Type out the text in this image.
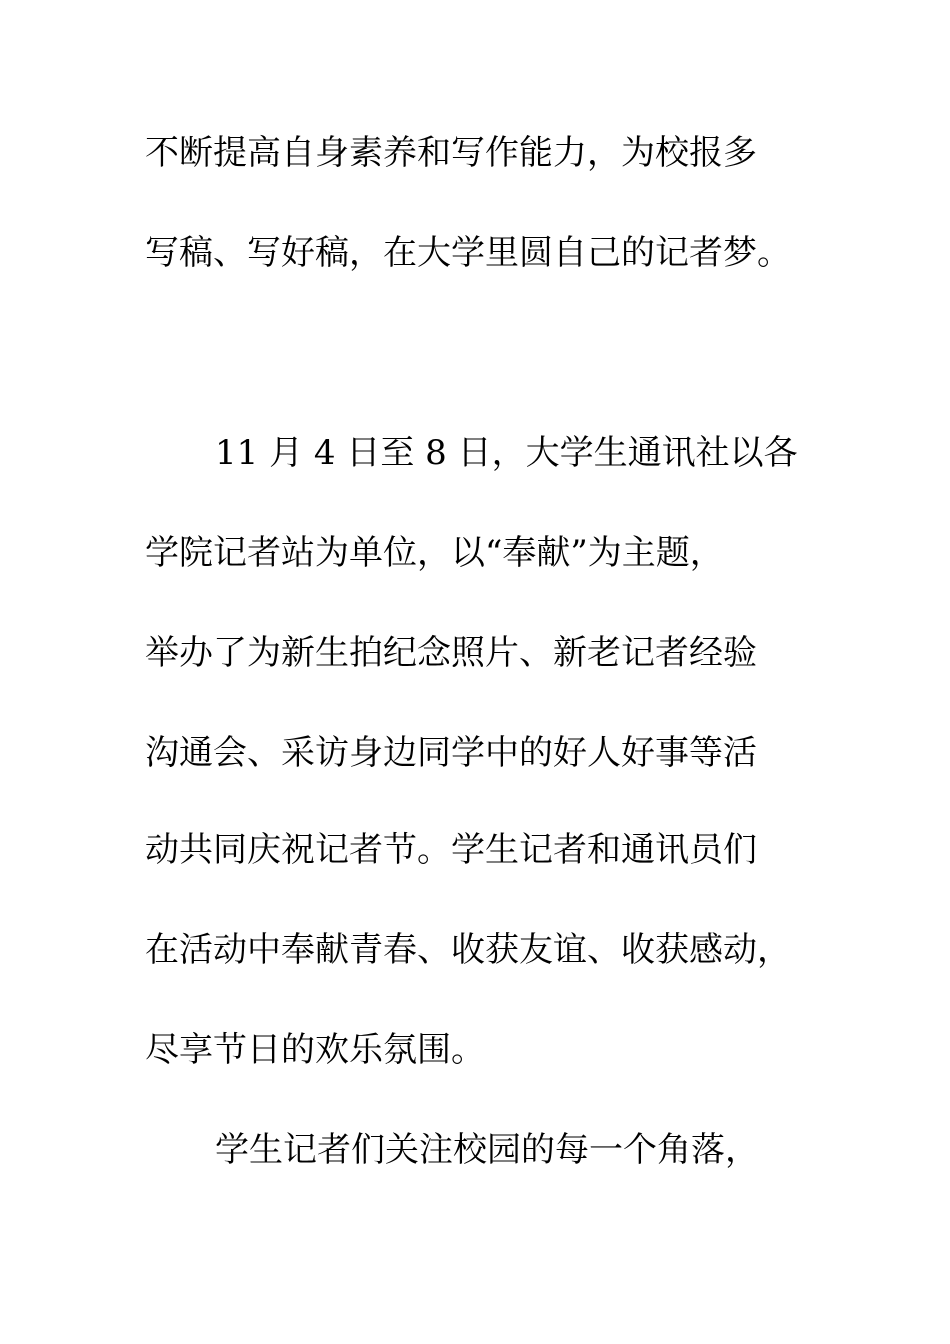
不断提高自身素养和写作能力，为校报多

写稿、写好稿，在大学里圆自己的记者梦。

11 月 4 日至 8 日，大学生通讯社以各

学院记者站为单位，以“奉献”为主题，

举办了为新生拍纪念照片、新老记者经验

沟通会、采访身边同学中的好人好事等活

动共同庆祝记者节。学生记者和通讯员们

在活动中奉献青春、收获友谊、收获感动，

尽享节日的欢乐氛围。

学生记者们关注校园的每一个角落，
